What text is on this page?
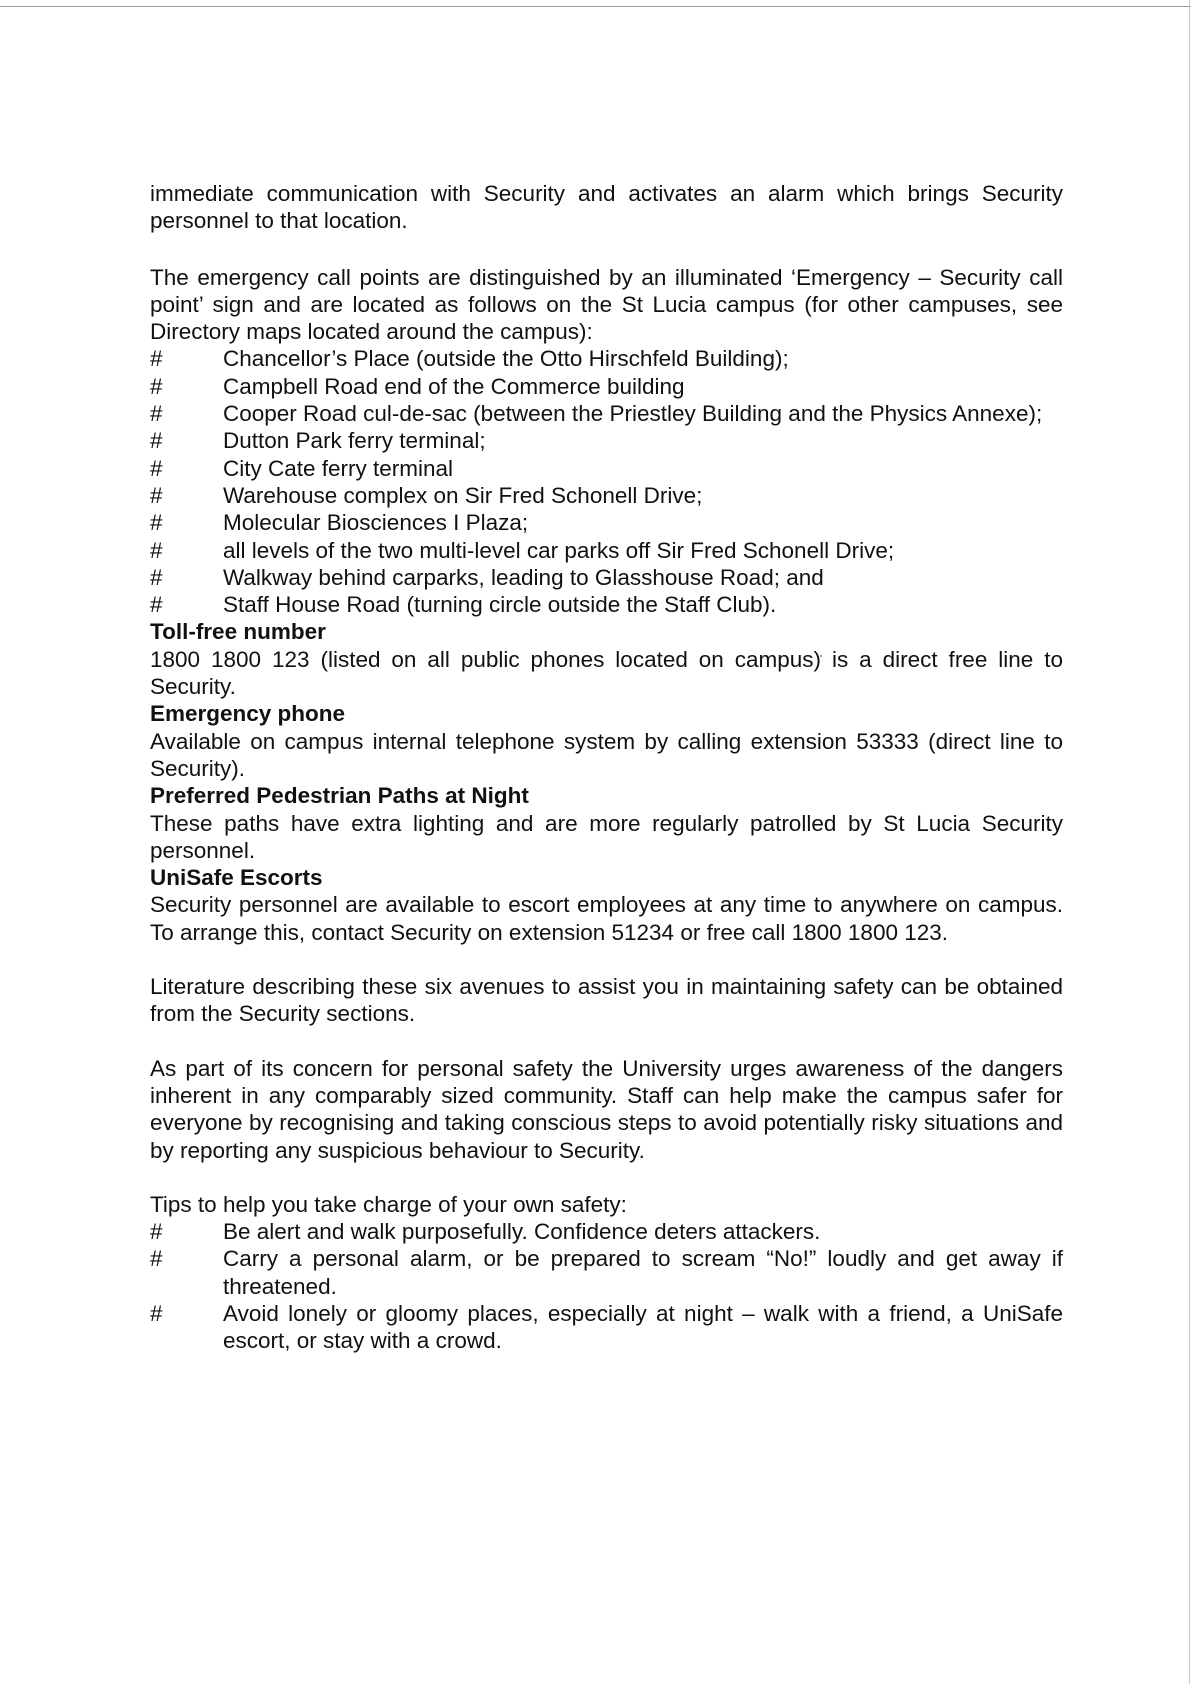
immediate communication with Security and activates an alarm which brings Security personnel to that location.

The emergency call points are distinguished by an illuminated ‘Emergency – Security call point’ sign and are located as follows on the St Lucia campus (for other campuses, see Directory maps located around the campus):

#	Chancellor’s Place (outside the Otto Hirschfeld Building);
#	Campbell Road end of the Commerce building
#	Cooper Road cul-de-sac (between the Priestley Building and the Physics Annexe);
#	Dutton Park ferry terminal;
#	City Cate ferry terminal
#	Warehouse complex on Sir Fred Schonell Drive;
#	Molecular Biosciences I Plaza;
#	all levels of the two multi-level car parks off Sir Fred Schonell Drive;
#	Walkway behind carparks, leading to Glasshouse Road; and
#	Staff House Road (turning circle outside the Staff Club).

Toll-free number

1800 1800 123 (listed on all public phones located on campus) is a direct free line to Security.

Emergency phone

Available on campus internal telephone system by calling extension 53333 (direct line to Security).

Preferred Pedestrian Paths at Night

These paths have extra lighting and are more regularly patrolled by St Lucia Security personnel.

UniSafe Escorts

Security personnel are available to escort employees at any time to anywhere on campus. To arrange this, contact Security on extension 51234 or free call 1800 1800 123.

Literature describing these six avenues to assist you in maintaining safety can be obtained from the Security sections.

As part of its concern for personal safety the University urges awareness of the dangers inherent in any comparably sized community. Staff can help make the campus safer for everyone by recognising and taking conscious steps to avoid potentially risky situations and by reporting any suspicious behaviour to Security.

Tips to help you take charge of your own safety:

#	Be alert and walk purposefully. Confidence deters attackers.
#	Carry a personal alarm, or be prepared to scream “No!” loudly and get away if threatened.
#	Avoid lonely or gloomy places, especially at night – walk with a friend, a UniSafe escort, or stay with a crowd.
